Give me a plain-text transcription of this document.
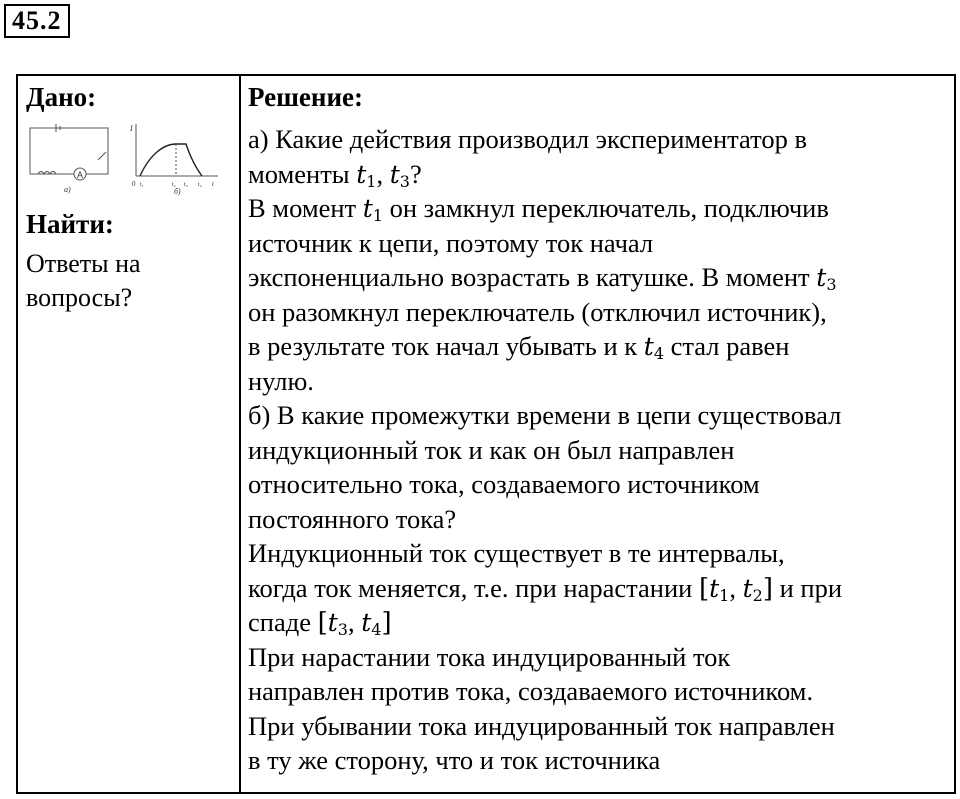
45.2
Дано:
A
а)
I
0 t₁	t₂ t₃ t₄ t
б)
Найти:
Ответы на вопросы?
Решение:
а) Какие действия производил экспериментатор в
моменты $t_1$, $t_3$?
В момент $t_1$ он замкнул переключатель, подключив
источник к цепи, поэтому ток начал
экспоненциально возрастать в катушке. В момент $t_3$
он разомкнул переключатель (отключил источник),
в результате ток начал убывать и к $t_4$ стал равен
нулю.
б) В какие промежутки времени в цепи существовал
индукционный ток и как он был направлен
относительно тока, создаваемого источником
постоянного тока?
Индукционный ток существует в те интервалы,
когда ток меняется, т.е. при нарастании [$t_1$, $t_2$] и при
спаде [$t_3$, $t_4$]
При нарастании тока индуцированный ток
направлен против тока, создаваемого источником.
При убывании тока индуцированный ток направлен
в ту же сторону, что и ток источника
